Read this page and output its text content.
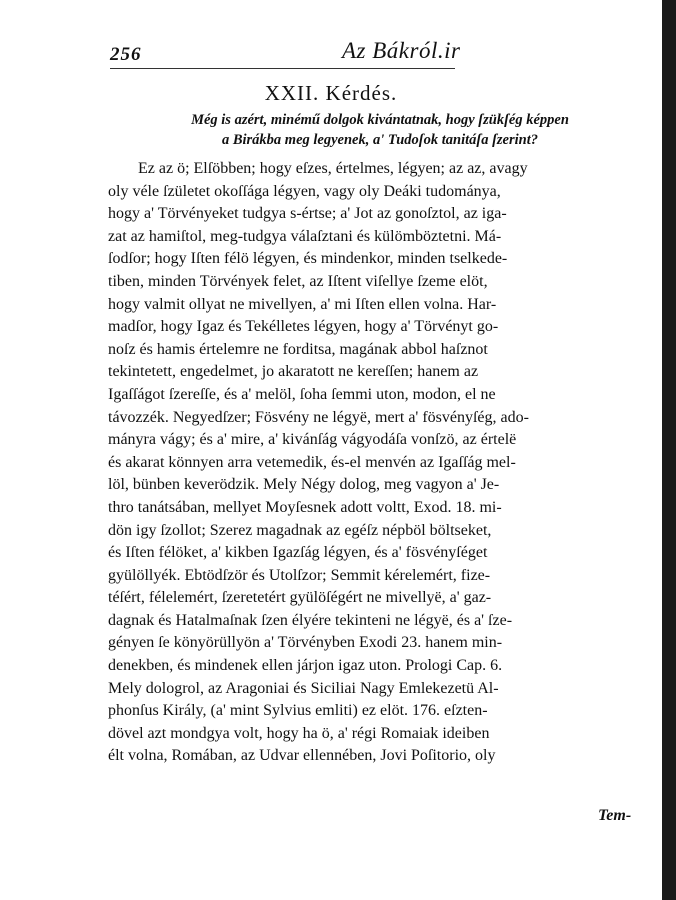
256	Az Bákról.ir
XXII. Kérdés.
Még is azért, minémű dolgok kivántatnak, hogy ſzükſég képpen
a Birákba meg legyenek, a' Tudoſok tanitáſa ſzerint?
Ez az ö; Elſöbben; hogy eſzes, értelmes, légyen; az az, avagy
oly véle ſzületet okoſſága légyen, vagy oly Deáki tudománya,
hogy a' Törvényeket tudgya s-értse; a' Jot az gonoſztol, az iga-
zat az hamiſtol, meg-tudgya válaſztani és külömböztetni. Má-
ſodſor; hogy Iſten félö légyen, és mindenkor, minden tselkede-
tiben, minden Törvények felet, az Iſtent viſellye ſzeme elöt,
hogy valmit ollyat ne mivellyen, a' mi Iſten ellen volna. Har-
madſor, hogy Igaz és Tekélletes légyen, hogy a' Törvényt go-
noſz és hamis értelemre ne forditsa, magának abbol haſznot
tekintetett, engedelmet, jo akaratott ne kereſſen; hanem az
Igaſſágot ſzereſſe, és a' melöl, ſoha ſemmi uton, modon, el ne
távozzék. Negyedſzer; Fösvény ne légyë, mert a' fösvényſég, ado-
mányra vágy; és a' mire, a' kivánſág vágyodáſa vonſzö, az értelë
és akarat könnyen arra vetemedik, és-el menvén az Igaſſág mel-
löl, bünben keverödzik. Mely Négy dolog, meg vagyon a' Je-
thro tanátsában, mellyet Moyſesnek adott voltt, Exod. 18. mi-
dön igy ſzollot; Szerez magadnak az egéſz népböl böltseket,
és Iſten félöket, a' kikben Igazſág légyen, és a' fösvényſéget
gyülöllyék. Ebtödſzör és Utolſzor; Semmit kérelemért, fize-
téſért, félelemért, ſzeretetért gyülöſégért ne mivellyë, a' gaz-
dagnak és Hatalmaſnak ſzen élyére tekinteni ne légyë, és a' ſze-
gényen ſe könyörüllyön a' Törvényben Exodi 23. hanem min-
denekben, és mindenek ellen járjon igaz uton. Prologi Cap. 6.
Mely dologrol, az Aragoniai és Siciliai Nagy Emlekezetü Al-
phonſus Király, (a' mint Sylvius emliti) ez elöt. 176. eſzten-
dövel azt mondgya volt, hogy ha ö, a' régi Romaiak ideiben
élt volna, Romában, az Udvar ellennében, Jovi Poſitorio, oly
Tem-
